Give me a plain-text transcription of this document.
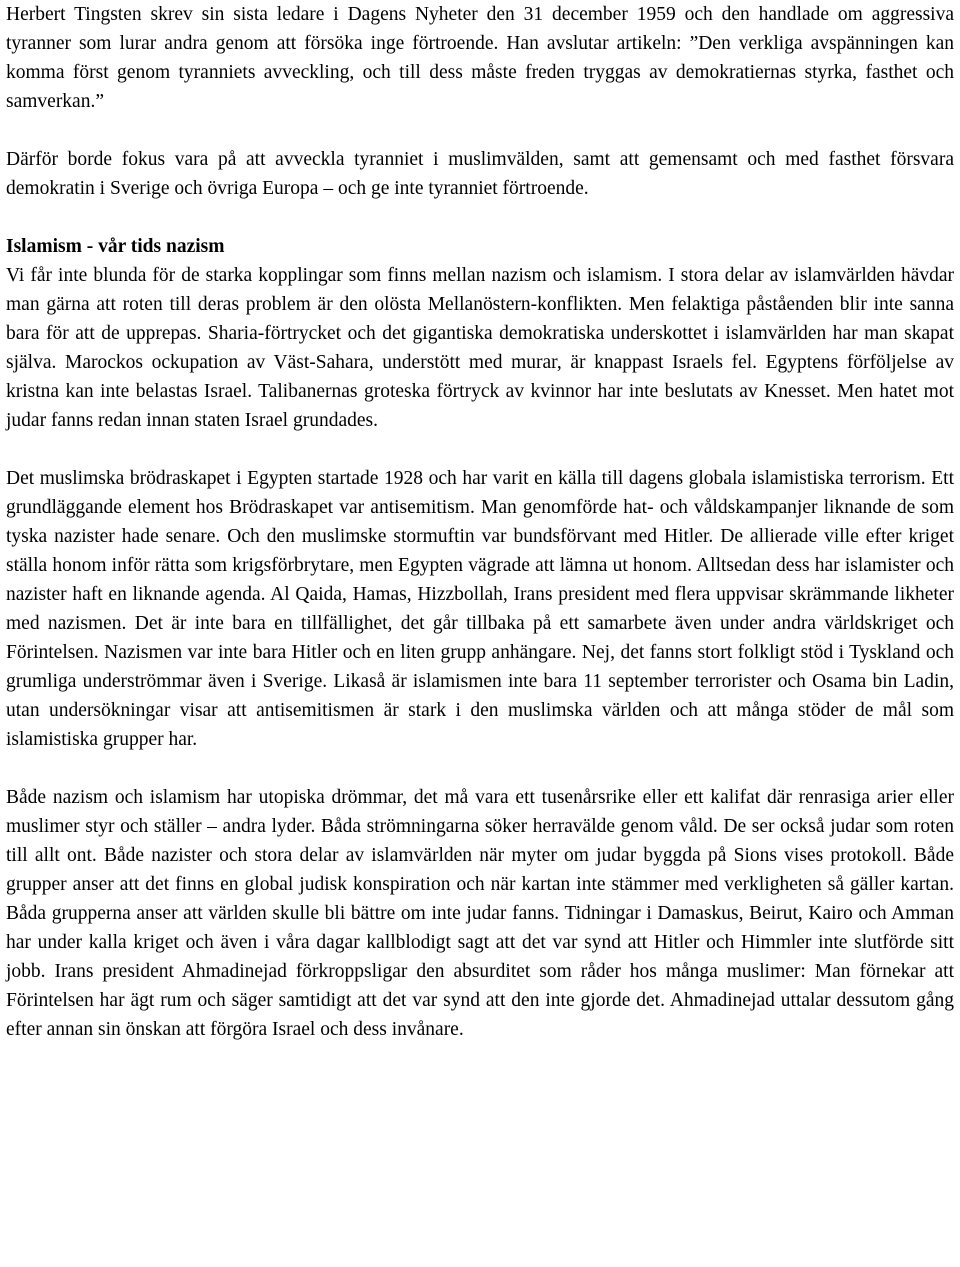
Herbert Tingsten skrev sin sista ledare i Dagens Nyheter den 31 december 1959 och den handlade om aggressiva tyranner som lurar andra genom att försöka inge förtroende. Han avslutar artikeln: ”Den verkliga avspänningen kan komma först genom tyranniets avveckling, och till dess måste freden tryggas av demokratiernas styrka, fasthet och samverkan.”

Därför borde fokus vara på att avveckla tyranniet i muslimvälden, samt att gemensamt och med fasthet försvara demokratin i Sverige och övriga Europa – och ge inte tyranniet förtroende.

Islamism - vår tids nazism

Vi får inte blunda för de starka kopplingar som finns mellan nazism och islamism. I stora delar av islamvärlden hävdar man gärna att roten till deras problem är den olösta Mellanöstern-konflikten. Men felaktiga påståenden blir inte sanna bara för att de upprepas. Sharia-förtrycket och det gigantiska demokratiska underskottet i islamvärlden har man skapat själva. Marockos ockupation av Väst-Sahara, understött med murar, är knappast Israels fel. Egyptens förföljelse av kristna kan inte belastas Israel. Talibanernas groteska förtryck av kvinnor har inte beslutats av Knesset. Men hatet mot judar fanns redan innan staten Israel grundades.

Det muslimska brödraskapet i Egypten startade 1928 och har varit en källa till dagens globala islamistiska terrorism. Ett grundläggande element hos Brödraskapet var antisemitism. Man genomförde hat- och våldskampanjer liknande de som tyska nazister hade senare. Och den muslimske stormuftin var bundsförvant med Hitler. De allierade ville efter kriget ställa honom inför rätta som krigsförbrytare, men Egypten vägrade att lämna ut honom. Alltsedan dess har islamister och nazister haft en liknande agenda. Al Qaida, Hamas, Hizzbollah, Irans president med flera uppvisar skrämmande likheter med nazismen. Det är inte bara en tillfällighet, det går tillbaka på ett samarbete även under andra världskriget och Förintelsen. Nazismen var inte bara Hitler och en liten grupp anhängare. Nej, det fanns stort folkligt stöd i Tyskland och grumliga underströmmar även i Sverige. Likaså är islamismen inte bara 11 september terrorister och Osama bin Ladin, utan undersökningar visar att antisemitismen är stark i den muslimska världen och att många stöder de mål som islamistiska grupper har.

Både nazism och islamism har utopiska drömmar, det må vara ett tusenårsrike eller ett kalifat där renrasiga arier eller muslimer styr och ställer – andra lyder. Båda strömningarna söker herravälde genom våld. De ser också judar som roten till allt ont. Både nazister och stora delar av islamvärlden när myter om judar byggda på Sions vises protokoll. Både grupper anser att det finns en global judisk konspiration och när kartan inte stämmer med verkligheten så gäller kartan. Båda grupperna anser att världen skulle bli bättre om inte judar fanns. Tidningar i Damaskus, Beirut, Kairo och Amman har under kalla kriget och även i våra dagar kallblodigt sagt att det var synd att Hitler och Himmler inte slutförde sitt jobb. Irans president Ahmadinejad förkroppsligar den absurditet som råder hos många muslimer: Man förnekar att Förintelsen har ägt rum och säger samtidigt att det var synd att den inte gjorde det. Ahmadinejad uttalar dessutom gång efter annan sin önskan att förgöra Israel och dess invånare.
